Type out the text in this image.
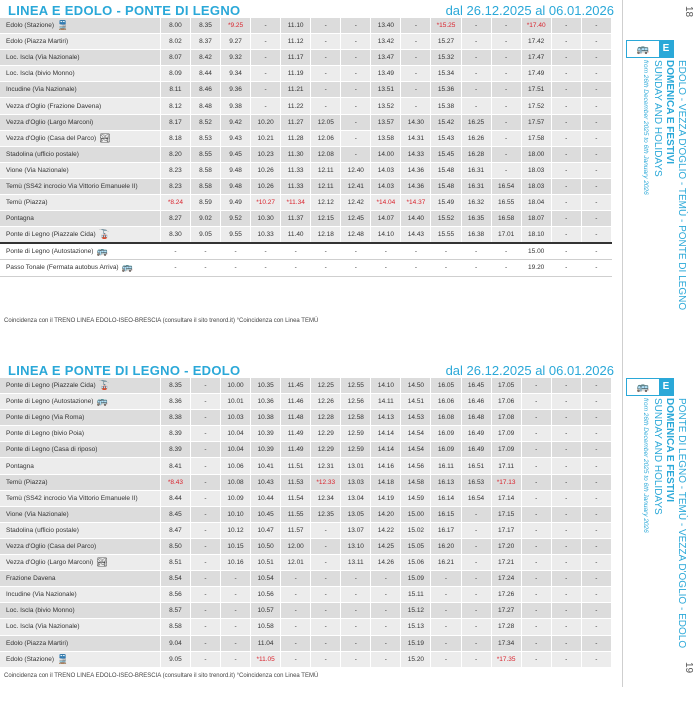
LINEA E EDOLO - PONTE DI LEGNO	dal 26.12.2025 al 06.01.2026
Edolo (Stazione) 🚆	8.00	8.35	*9.25	-	11.10	-	-	13.40	-	*15.25	-	-	*17.40	-	-
Edolo (Piazza Martiri)	8.02	8.37	9.27	-	11.12	-	-	13.42	-	15.27	-	-	17.42	-	-
Loc. Iscla (Via Nazionale)	8.07	8.42	9.32	-	11.17	-	-	13.47	-	15.32	-	-	17.47	-	-
Loc. Iscla (bivio Monno)	8.09	8.44	9.34	-	11.19	-	-	13.49	-	15.34	-	-	17.49	-	-
Incudine (Via Nazionale)	8.11	8.46	9.36	-	11.21	-	-	13.51	-	15.36	-	-	17.51	-	-
Vezza d'Oglio (Frazione Davena)	8.12	8.48	9.38	-	11.22	-	-	13.52	-	15.38	-	-	17.52	-	-
Vezza d'Oglio (Largo Marconi)	8.17	8.52	9.42	10.20	11.27	12.05	-	13.57	14.30	15.42	16.25	-	17.57	-	-
Vezza d'Oglio (Casa del Parco) 🏞	8.18	8.53	9.43	10.21	11.28	12.06	-	13.58	14.31	15.43	16.26	-	17.58	-	-
Stadolina (ufficio postale)	8.20	8.55	9.45	10.23	11.30	12.08	-	14.00	14.33	15.45	16.28	-	18.00	-	-
Vione (Via Nazionale)	8.23	8.58	9.48	10.26	11.33	12.11	12.40	14.03	14.36	15.48	16.31	-	18.03	-	-
Temù (SS42 incrocio Via Vittorio Emanuele II)	8.23	8.58	9.48	10.26	11.33	12.11	12.41	14.03	14.36	15.48	16.31	16.54	18.03	-	-
Temù (Piazza)	*8.24	8.59	9.49	*10.27	*11.34	12.12	12.42	*14.04	*14.37	15.49	16.32	16.55	18.04	-	-
Pontagna	8.27	9.02	9.52	10.30	11.37	12.15	12.45	14.07	14.40	15.52	16.35	16.58	18.07	-	-
Ponte di Legno (Piazzale Cida) 🚡	8.30	9.05	9.55	10.33	11.40	12.18	12.48	14.10	14.43	15.55	16.38	17.01	18.10	-	-
Ponte di Legno (Autostazione) 🚌	-	-	-	-	-	-	-	-	-	-	-	-	15.00	-	-
Passo Tonale (Fermata autobus Arriva) 🚌	-	-	-	-	-	-	-	-	-	-	-	-	19.20	-	-
Coincidenza con il TRENO LINEA EDOLO-ISEO-BRESCIA (consultare il sito trenord.it) °Coincidenza con Linea TEMÙ
18
🚌	E
EDOLO - VEZZA D'OGLIO - TEMÙ - PONTE DI LEGNO
DOMENICA E FESTIVI
SUNDAY AND HOLIDAYS
from 26th December 2025 to 6th January 2026
LINEA E PONTE DI LEGNO - EDOLO	dal 26.12.2025 al 06.01.2026
Ponte di Legno (Piazzale Cida) 🚡	8.35	-	10.00	10.35	11.45	12.25	12.55	14.10	14.50	16.05	16.45	17.05	-	-	-
Ponte di Legno (Autostazione) 🚌	8.36	-	10.01	10.36	11.46	12.26	12.56	14.11	14.51	16.06	16.46	17.06	-	-	-
Ponte di Legno (Via Roma)	8.38	-	10.03	10.38	11.48	12.28	12.58	14.13	14.53	16.08	16.48	17.08	-	-	-
Ponte di Legno (bivio Poia)	8.39	-	10.04	10.39	11.49	12.29	12.59	14.14	14.54	16.09	16.49	17.09	-	-	-
Ponte di Legno (Casa di riposo)	8.39	-	10.04	10.39	11.49	12.29	12.59	14.14	14.54	16.09	16.49	17.09	-	-	-
Pontagna	8.41	-	10.06	10.41	11.51	12.31	13.01	14.16	14.56	16.11	16.51	17.11	-	-	-
Temù (Piazza)	*8.43	-	10.08	10.43	11.53	*12.33	13.03	14.18	14.58	16.13	16.53	*17.13	-	-	-
Temù (SS42 incrocio Via Vittorio Emanuele II)	8.44	-	10.09	10.44	11.54	12.34	13.04	14.19	14.59	16.14	16.54	17.14	-	-	-
Vione (Via Nazionale)	8.45	-	10.10	10.45	11.55	12.35	13.05	14.20	15.00	16.15	-	17.15	-	-	-
Stadolina (ufficio postale)	8.47	-	10.12	10.47	11.57	-	13.07	14.22	15.02	16.17	-	17.17	-	-	-
Vezza d'Oglio (Casa del Parco)	8.50	-	10.15	10.50	12.00	-	13.10	14.25	15.05	16.20	-	17.20	-	-	-
Vezza d'Oglio (Largo Marconi) 🏞	8.51	-	10.16	10.51	12.01	-	13.11	14.26	15.06	16.21	-	17.21	-	-	-
Frazione Davena	8.54	-	-	10.54	-	-	-	-	15.09	-	-	17.24	-	-	-
Incudine (Via Nazionale)	8.56	-	-	10.56	-	-	-	-	15.11	-	-	17.26	-	-	-
Loc. Iscla (bivio Monno)	8.57	-	-	10.57	-	-	-	-	15.12	-	-	17.27	-	-	-
Loc. Iscla (Via Nazionale)	8.58	-	-	10.58	-	-	-	-	15.13	-	-	17.28	-	-	-
Edolo (Piazza Martiri)	9.04	-	-	11.04	-	-	-	-	15.19	-	-	17.34	-	-	-
Edolo (Stazione) 🚆	9.05	-	-	*11.05	-	-	-	-	15.20	-	-	*17.35	-	-	-
Coincidenza con il TRENO LINEA EDOLO-ISEO-BRESCIA (consultare il sito trenord.it) °Coincidenza con Linea TEMÙ
19
🚌	E
PONTE DI LEGNO - TEMÙ - VEZZA D'OGLIO - EDOLO
DOMENICA E FESTIVI
SUNDAY AND HOLIDAYS
from 26th December 2025 to 6th January 2026
